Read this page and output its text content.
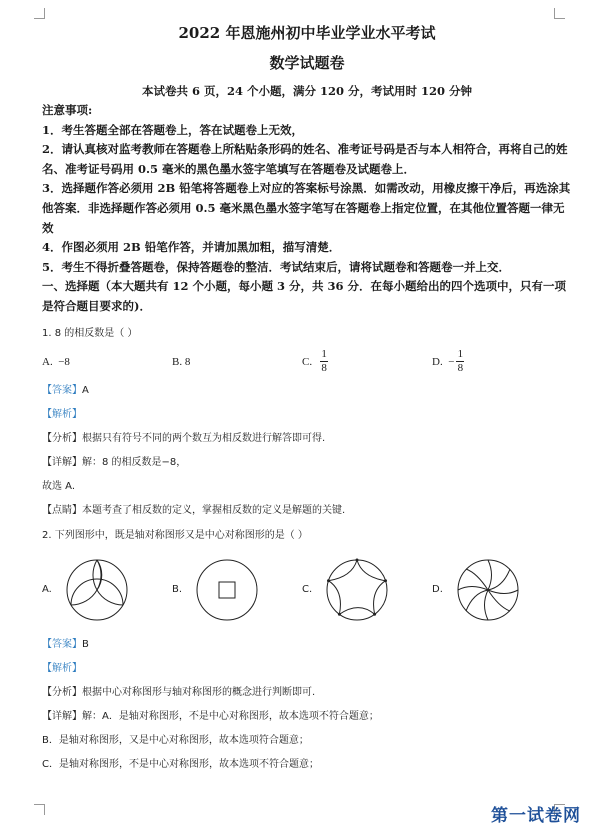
2022 年恩施州初中毕业学业水平考试
数学试题卷
本试卷共 6 页，24 个小题，满分 120 分，考试用时 120 分钟
注意事项:
1．考生答题全部在答题卷上，答在试题卷上无效，
2．请认真核对监考教师在答题卷上所粘贴条形码的姓名、准考证号码是否与本人相符合，再将自己的姓名、准考证号码用 0.5 毫米的黑色墨水签字笔填写在答题卷及试题卷上．
3．选择题作答必须用 2B 铅笔将答题卷上对应的答案标号涂黑．如需改动，用橡皮擦干净后，再选涂其他答案．非选择题作答必须用 0.5 毫米黑色墨水签字笔写在答题卷上指定位置，在其他位置答题一律无效
4．作图必须用 2B 铅笔作答，并请加黑加粗，描写清楚．
5．考生不得折叠答题卷，保持答题卷的整洁．考试结束后，请将试题卷和答题卷一并上交．
一、选择题（本大题共有 12 个小题，每小题 3 分，共 36 分．在每小题给出的四个选项中，只有一项是符合题目要求的)．
1. 8 的相反数是（ ）
A.
−8	B.
8	C. $\frac{1}{8}$	D.
− $\frac{1}{8}$
【答案】A
【解析】
【分析】根据只有符号不同的两个数互为相反数进行解答即可得.
【详解】解：8 的相反数是−8，
故选 A.
【点睛】本题考查了相反数的定义，掌握相反数的定义是解题的关键.
2. 下列图形中，既是轴对称图形又是中心对称图形的是（ ）
A.	B.	C.	D.
【答案】B
【解析】
【分析】根据中心对称图形与轴对称图形的概念进行判断即可.
【详解】解：A．是轴对称图形，不是中心对称图形，故本选项不符合题意；
B．是轴对称图形，又是中心对称图形，故本选项符合题意；
C．是轴对称图形，不是中心对称图形，故本选项不符合题意；
第一试卷网
